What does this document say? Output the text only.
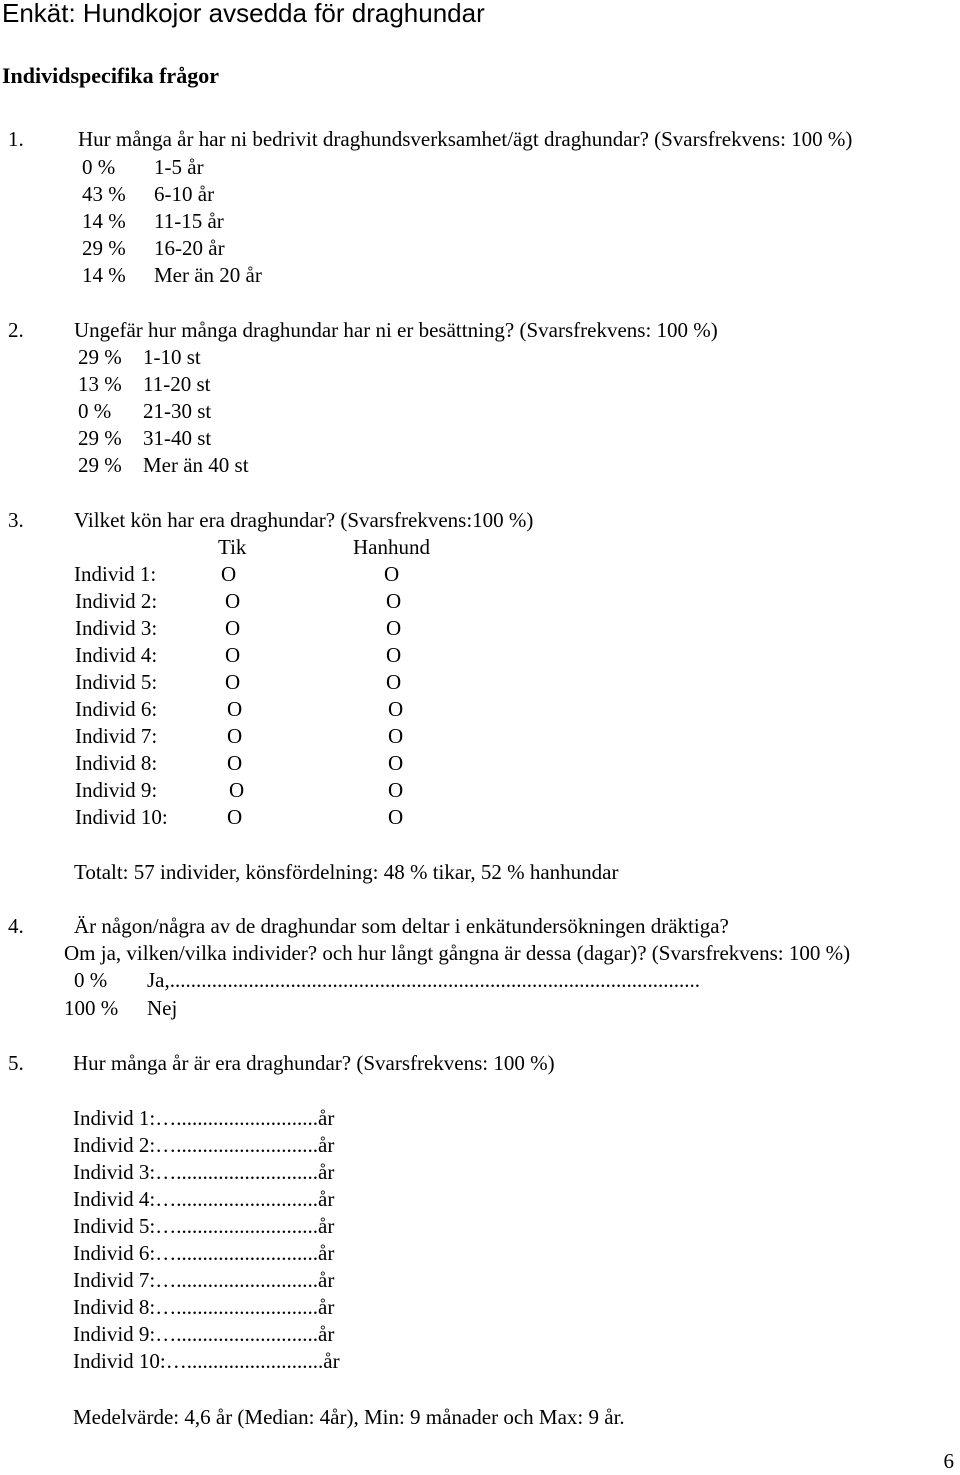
Enkät: Hundkojor avsedda för draghundar
Individspecifika frågor
1.	Hur många år har ni bedrivit draghundsverksamhet/ägt draghundar? (Svarsfrekvens: 100 %)
0 % 1-5 år
43 % 6-10 år
14 % 11-15 år
29 % 16-20 år
14 % Mer än 20 år
2. Ungefär hur många draghundar har ni er besättning? (Svarsfrekvens: 100 %)
29 % 1-10 st
13 % 11-20 st
0 % 21-30 st
29 % 31-40 st
29 % Mer än 40 st
3. Vilket kön har era draghundar? (Svarsfrekvens:100 %)
Tik	Hanhund
Individ 1:	O	O
Individ 2:	O	O
Individ 3:	O	O
Individ 4:	O	O
Individ 5:	O	O
Individ 6:	O	O
Individ 7:	O	O
Individ 8:	O	O
Individ 9:	O	O
Individ 10:	O	O
Totalt: 57 individer, könsfördelning: 48 % tikar, 52 % hanhundar
4. Är någon/några av de draghundar som deltar i enkätundersökningen dräktiga?
Om ja, vilken/vilka individer? och hur långt gångna är dessa (dagar)? (Svarsfrekvens: 100 %)
0 % Ja,.....................................................................................................
100 % Nej
5. Hur många år är era draghundar? (Svarsfrekvens: 100 %)
Individ 1:…...........................år
Individ 2:…...........................år
Individ 3:…...........................år
Individ 4:…...........................år
Individ 5:…...........................år
Individ 6:…...........................år
Individ 7:…...........................år
Individ 8:…...........................år
Individ 9:…...........................år
Individ 10:…..........................år
Medelvärde: 4,6 år (Median: 4år), Min: 9 månader och Max: 9 år.
6
